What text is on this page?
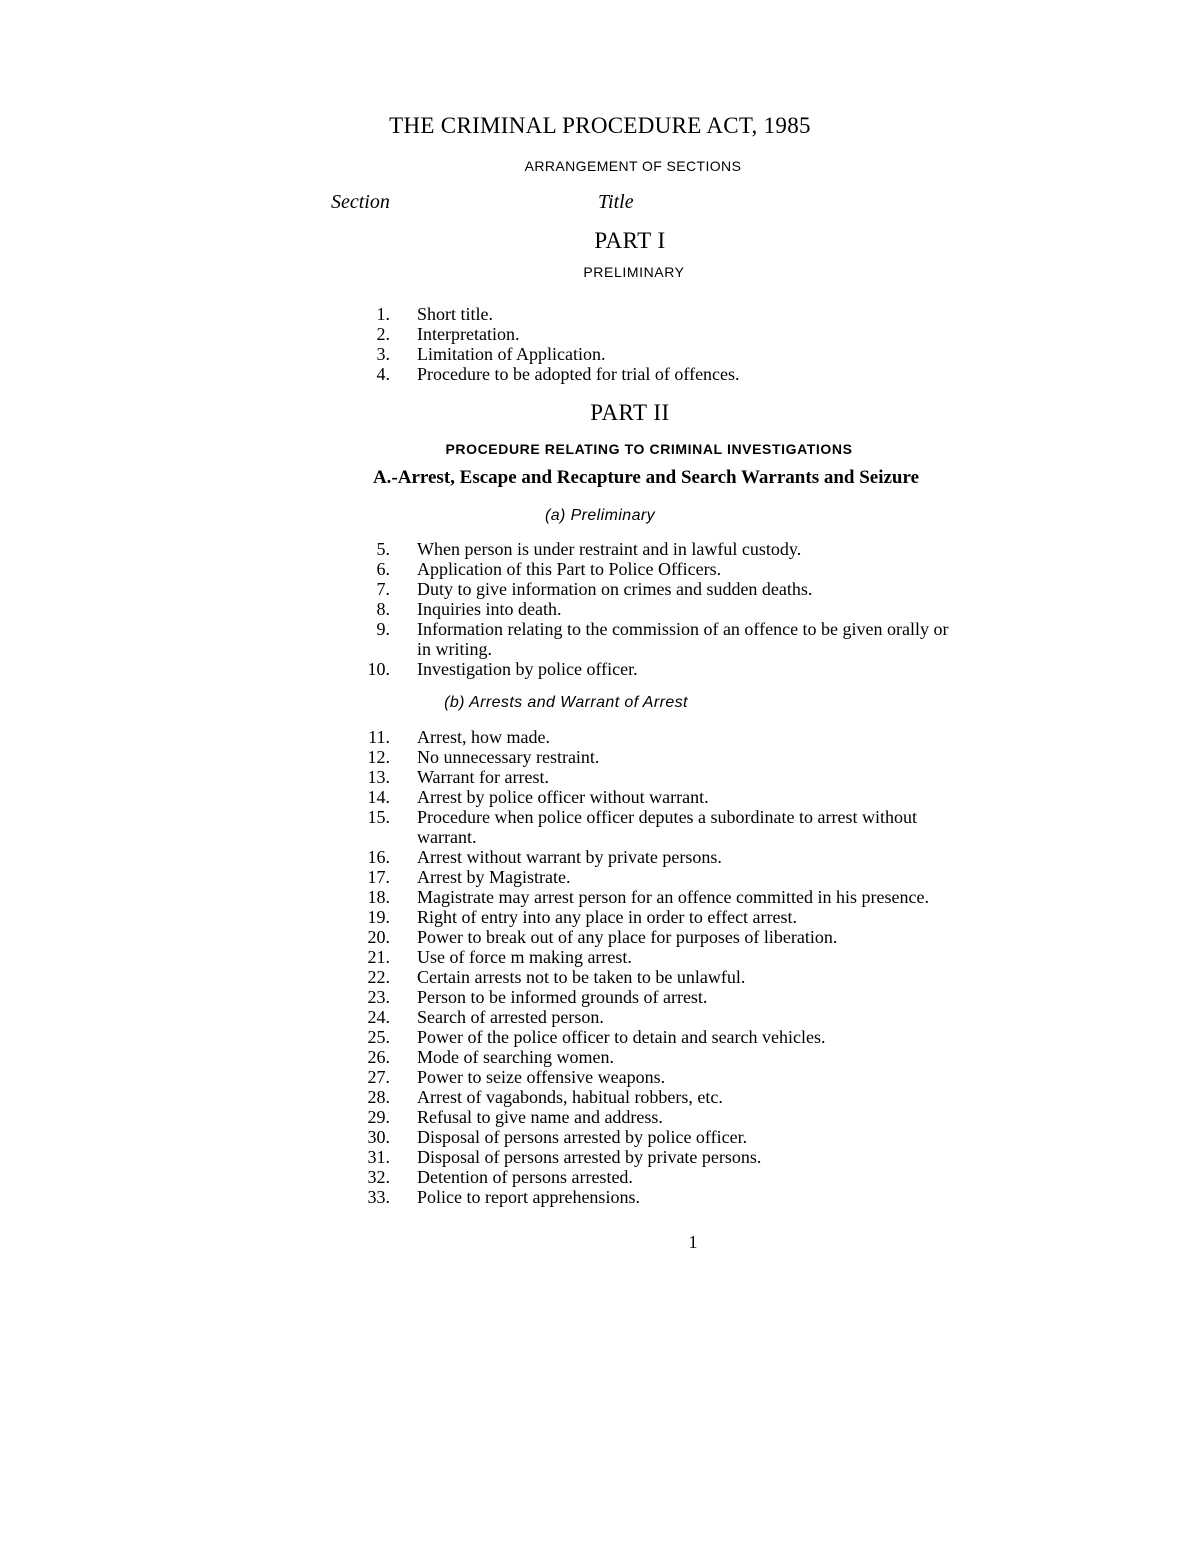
THE CRIMINAL PROCEDURE ACT, 1985
ARRANGEMENT OF SECTIONS
Section	Title
PART I
PRELIMINARY
1. Short title.
2. Interpretation.
3. Limitation of Application.
4. Procedure to be adopted for trial of offences.
PART II
PROCEDURE RELATING TO CRIMINAL INVESTIGATIONS
A.-Arrest, Escape and Recapture and Search Warrants and Seizure
(a) Preliminary
5. When person is under restraint and in lawful custody.
6. Application of this Part to Police Officers.
7. Duty to give information on crimes and sudden deaths.
8. Inquiries into death.
9. Information relating to the commission of an offence to be given orally or in writing.
10. Investigation by police officer.
(b) Arrests and Warrant of Arrest
11. Arrest, how made.
12. No unnecessary restraint.
13. Warrant for arrest.
14. Arrest by police officer without warrant.
15. Procedure when police officer deputes a subordinate to arrest without warrant.
16. Arrest without warrant by private persons.
17. Arrest by Magistrate.
18. Magistrate may arrest person for an offence committed in his presence.
19. Right of entry into any place in order to effect arrest.
20. Power to break out of any place for purposes of liberation.
21. Use of force m making arrest.
22. Certain arrests not to be taken to be unlawful.
23. Person to be informed grounds of arrest.
24. Search of arrested person.
25. Power of the police officer to detain and search vehicles.
26. Mode of searching women.
27. Power to seize offensive weapons.
28. Arrest of vagabonds, habitual robbers, etc.
29. Refusal to give name and address.
30. Disposal of persons arrested by police officer.
31. Disposal of persons arrested by private persons.
32. Detention of persons arrested.
33. Police to report apprehensions.
1
